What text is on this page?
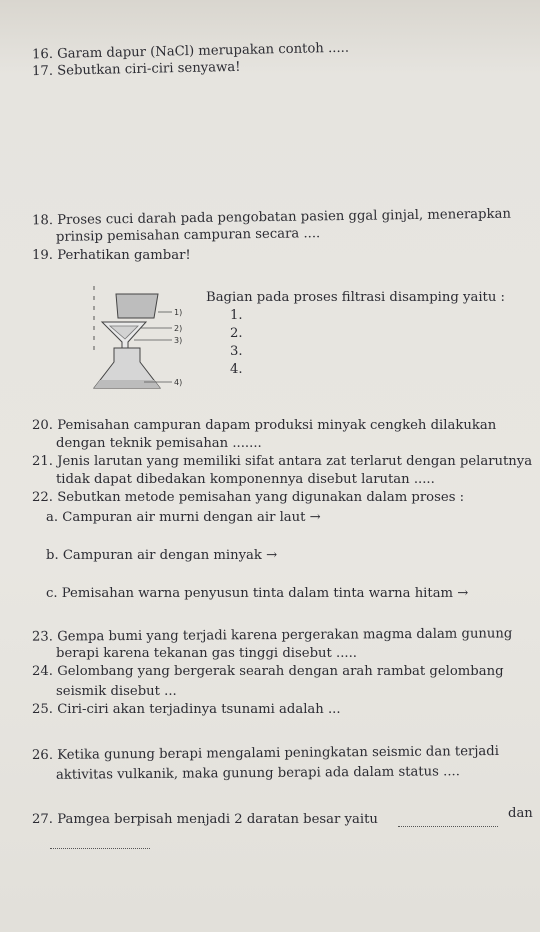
16. Garam dapur (NaCl) merupakan contoh .....
17. Sebutkan ciri-ciri senyawa!
18. Proses cuci darah pada pengobatan pasien ggal ginjal, menerapkan
prinsip pemisahan campuran secara ....
19. Perhatikan gambar!
1)
2)
3)
4)
Bagian pada proses filtrasi disamping yaitu :
1.
2.
3.
4.
20. Pemisahan campuran dapam produksi minyak cengkeh dilakukan
dengan teknik pemisahan .......
21. Jenis larutan yang memiliki sifat antara zat terlarut dengan pelarutnya
tidak dapat dibedakan komponennya disebut larutan .....
22. Sebutkan metode pemisahan yang digunakan dalam proses :
a. Campuran air murni dengan air laut →
b. Campuran air dengan minyak →
c. Pemisahan warna penyusun tinta dalam tinta warna hitam →
23. Gempa bumi yang terjadi karena pergerakan magma dalam gunung
berapi karena tekanan gas tinggi disebut .....
24. Gelombang yang bergerak searah dengan arah rambat gelombang
seismik disebut ...
25. Ciri-ciri akan terjadinya tsunami adalah ...
26. Ketika gunung berapi mengalami peningkatan seismic dan terjadi
aktivitas vulkanik, maka gunung berapi ada dalam status ....
27. Pamgea berpisah menjadi 2 daratan besar yaitu	dan
